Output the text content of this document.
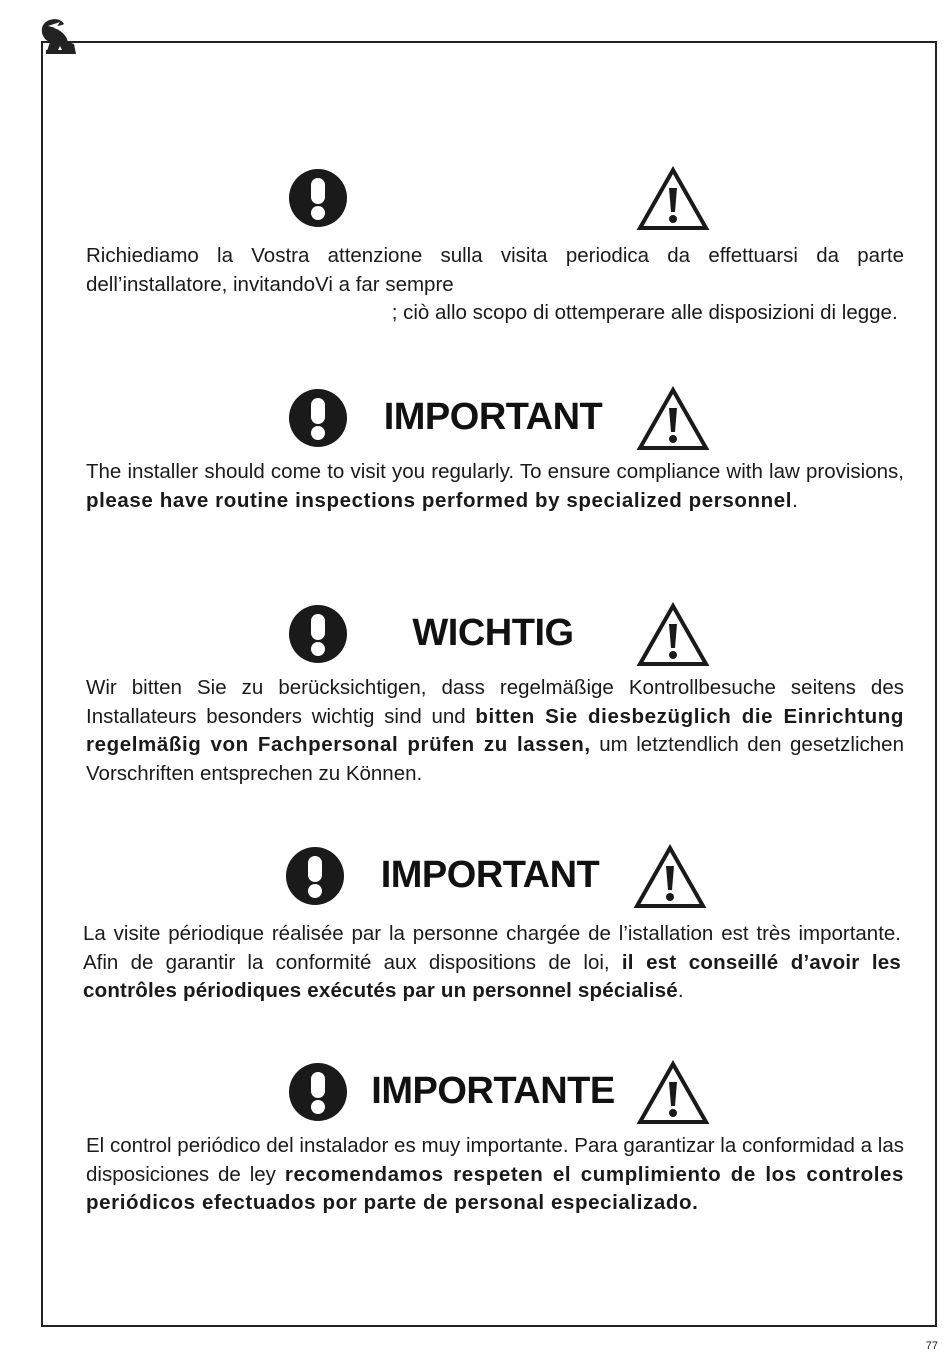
Richiediamo la Vostra attenzione sulla visita periodica da effettuarsi da parte dell’installatore, invitandoVi a far sempre
; ciò allo scopo di ottemperare alle disposizioni di legge.

IMPORTANT

The installer should come to visit you regularly. To ensure compliance with law provisions, please have routine inspections performed by specialized personnel.

WICHTIG

Wir bitten Sie zu berücksichtigen, dass regelmäßige Kontrollbesuche seitens des Installateurs besonders wichtig sind und bitten Sie diesbezüglich die Einrichtung regelmäßig von Fachpersonal prüfen zu lassen, um letztendlich den gesetzlichen Vorschriften entsprechen zu Können.

IMPORTANT

La visite périodique réalisée par la personne chargée de l’istallation est très importante. Afin de garantir la conformité aux dispositions de loi, il est conseillé d’avoir les contrôles périodiques exécutés par un personnel spécialisé.

IMPORTANTE

El control periódico del instalador es muy importante. Para garantizar la conformidad a las disposiciones de ley recomendamos respeten el cumplimiento de los controles periódicos efectuados por parte de personal especializado.

77
